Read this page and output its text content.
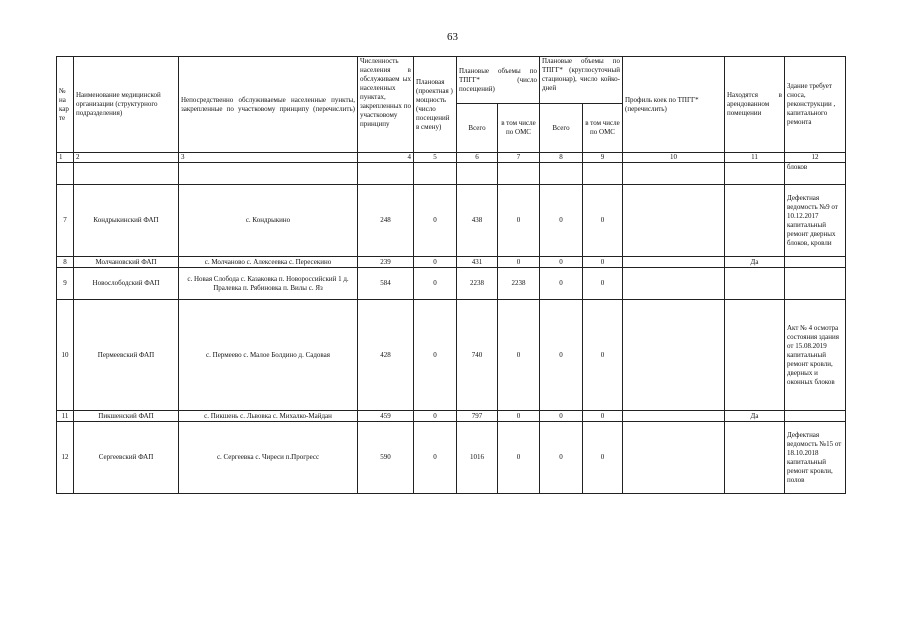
63
№ на кар те	Наименование медицинской организации (структурного подразделения)	Непосредственно обслуживаемые населенные пункты, закрепленные по участковому принципу (перечислить)	Численность населения в обслуживаем ых населенных пунктах, закрепленных по участковому принципу	Плановая (проектная ) мощность (число посещений в смену)	Плановые объемы по ТПГГ* (число посещений)		Плановые объемы по ТПГГ* (круглосуточный стационар), число койко-дней		Профиль коек по ТПГГ* (перечислить)	Находятся в арендованном помещении	Здание требует сноса, реконструкции , капитального ремонта
					Всего	в том числе по ОМС	Всего	в том числе по ОМС			
1	2	3	4	5	6	7	8	9	10	11	12
											блоков
7	Кондрыкинский ФАП	с. Кондрыкино	248	0	438	0	0	0			Дефектная ведомость №9 от 10.12.2017 капитальный ремонт дверных блоков, кровли
8	Молчановский ФАП	с. Молчаново с. Алексеевка с. Пересекино	239	0	431	0	0	0		Да	
9	Новослободский ФАП	с. Новая Слобода с. Казаковка п. Новороссийский 1 д. Пралевка п. Рябиновка п. Вилы с. Яз	584	0	2238	2238	0	0			
10	Пермеевский ФАП	с. Пермеево с. Малое Болдино д. Садовая	428	0	740	0	0	0			Акт № 4 осмотра состояния здания от 15.08.2019 капитальный ремонт кровли, дверных и оконных блоков
11	Пикшенский ФАП	с. Пикшень с. Львовка с. Михалко-Майдан	459	0	797	0	0	0		Да	
12	Сергеевский ФАП	с. Сергеевка с. Чиреси п.Прогресс	590	0	1016	0	0	0			Дефектная ведомость №15 от 18.10.2018 капитальный ремонт кровли, полов
